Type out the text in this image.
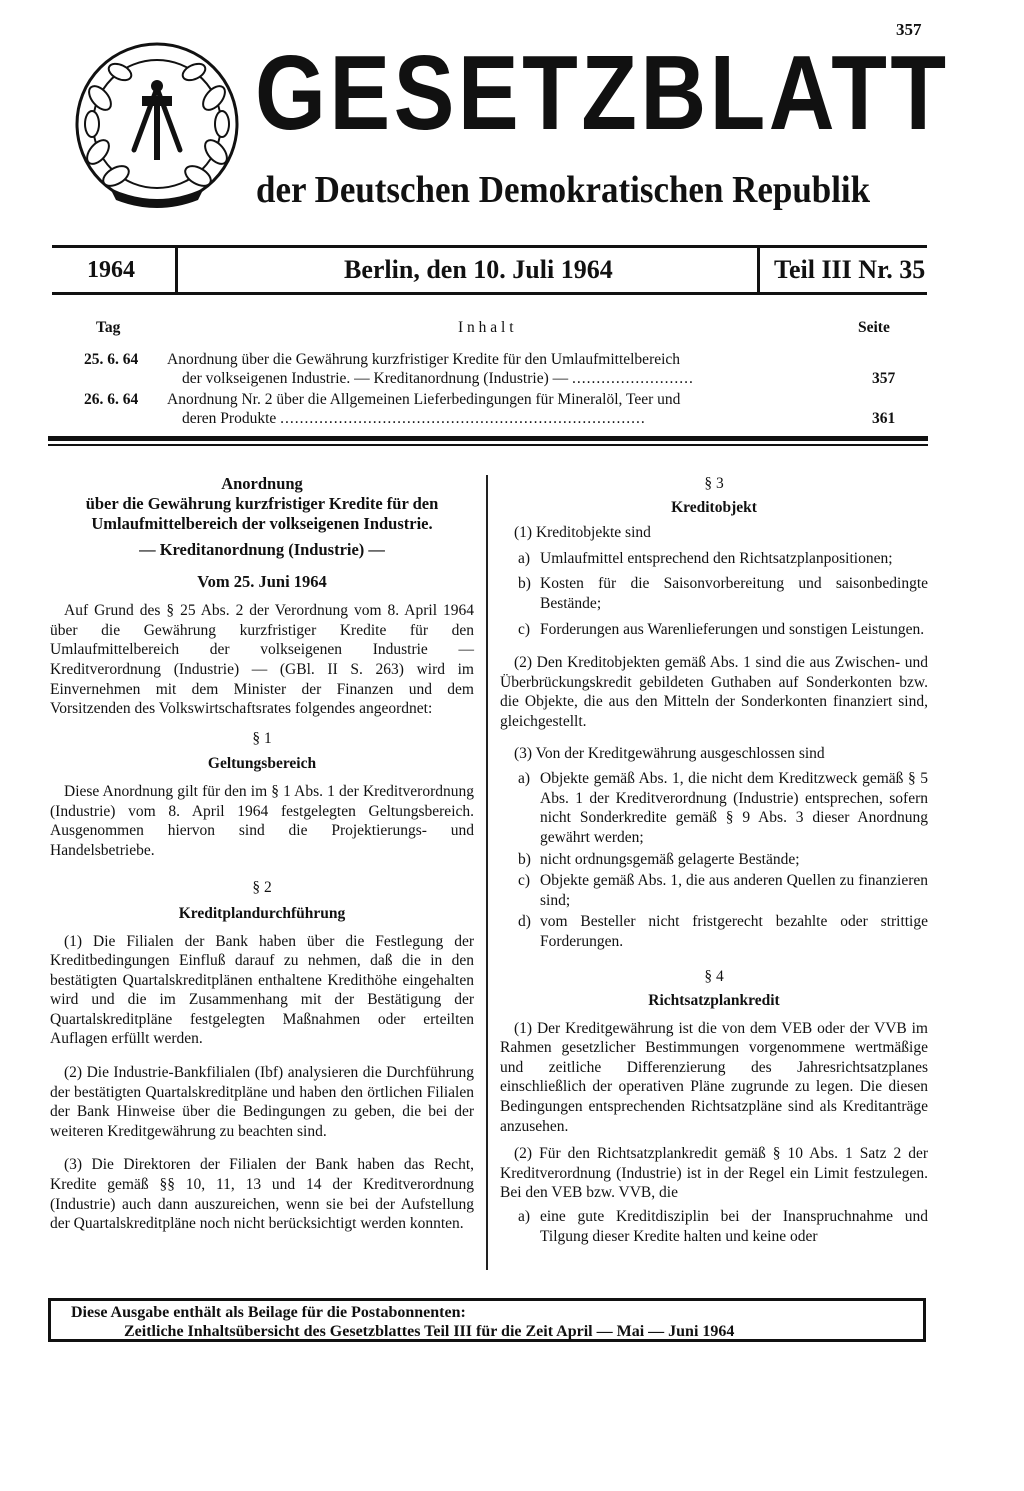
357
GESETZBLATT
der Deutschen Demokratischen Republik
1964	Berlin, den 10. Juli 1964	Teil III Nr. 35
Tag	I n h a l t	Seite
25. 6. 64 Anordnung über die Gewährung kurzfristiger Kredite für den Umlaufmittelbereich
der volkseigenen Industrie. — Kreditanordnung (Industrie) — .........................	357
26. 6. 64 Anordnung Nr. 2 über die Allgemeinen Lieferbedingungen für Mineralöl, Teer und
deren Produkte ...........................................................................	361

Anordnung

über die Gewährung kurzfristiger Kredite für den

Umlaufmittelbereich der volkseigenen Industrie.

— Kreditanordnung (Industrie) —

Vom 25. Juni 1964

Auf Grund des § 25 Abs. 2 der Verordnung vom 8. April 1964 über die Gewährung kurzfristiger Kredite für den Umlaufmittelbereich der volkseigenen Industrie — Kreditverordnung (Industrie) — (GBl. II S. 263) wird im Einvernehmen mit dem Minister der Finanzen und dem Vorsitzenden des Volkswirtschaftsrates folgendes angeordnet:

§ 1

Geltungsbereich

Diese Anordnung gilt für den im § 1 Abs. 1 der Kreditverordnung (Industrie) vom 8. April 1964 festgelegten Geltungsbereich. Ausgenommen hiervon sind die Projektierungs- und Handelsbetriebe.

§ 2

Kreditplandurchführung

(1) Die Filialen der Bank haben über die Festlegung der Kreditbedingungen Einfluß darauf zu nehmen, daß die in den bestätigten Quartalskreditplänen enthaltene Kredithöhe eingehalten wird und die im Zusammenhang mit der Bestätigung der Quartalskreditpläne festgelegten Maßnahmen oder erteilten Auflagen erfüllt werden.

(2) Die Industrie-Bankfilialen (Ibf) analysieren die Durchführung der bestätigten Quartalskreditpläne und haben den örtlichen Filialen der Bank Hinweise über die Bedingungen zu geben, die bei der weiteren Kreditgewährung zu beachten sind.

(3) Die Direktoren der Filialen der Bank haben das Recht, Kredite gemäß §§ 10, 11, 13 und 14 der Kreditverordnung (Industrie) auch dann auszureichen, wenn sie bei der Aufstellung der Quartalskreditpläne noch nicht berücksichtigt werden konnten.

§ 3

Kreditobjekt

(1) Kreditobjekte sind

a) Umlaufmittel entsprechend den Richtsatzplanpositionen;
b) Kosten für die Saisonvorbereitung und saisonbedingte Bestände;
c) Forderungen aus Warenlieferungen und sonstigen Leistungen.

(2) Den Kreditobjekten gemäß Abs. 1 sind die aus Zwischen- und Überbrückungskredit gebildeten Guthaben auf Sonderkonten bzw. die Objekte, die aus den Mitteln der Sonderkonten finanziert sind, gleichgestellt.

(3) Von der Kreditgewährung ausgeschlossen sind

a) Objekte gemäß Abs. 1, die nicht dem Kreditzweck gemäß § 5 Abs. 1 der Kreditverordnung (Industrie) entsprechen, sofern nicht Sonderkredite gemäß § 9 Abs. 3 dieser Anordnung gewährt werden;
b) nicht ordnungsgemäß gelagerte Bestände;
c) Objekte gemäß Abs. 1, die aus anderen Quellen zu finanzieren sind;
d) vom Besteller nicht fristgerecht bezahlte oder strittige Forderungen.

§ 4

Richtsatzplankredit

(1) Der Kreditgewährung ist die von dem VEB oder der VVB im Rahmen gesetzlicher Bestimmungen vorgenommene wertmäßige und zeitliche Differenzierung des Jahresrichtsatzplanes einschließlich der operativen Pläne zugrunde zu legen. Die diesen Bedingungen entsprechenden Richtsatzpläne sind als Kreditanträge anzusehen.

(2) Für den Richtsatzplankredit gemäß § 10 Abs. 1 Satz 2 der Kreditverordnung (Industrie) ist in der Regel ein Limit festzulegen. Bei den VEB bzw. VVB, die

a) eine gute Kreditdisziplin bei der Inanspruchnahme und Tilgung dieser Kredite halten und keine oder
Diese Ausgabe enthält als Beilage für die Postabonnenten:
Zeitliche Inhaltsübersicht des Gesetzblattes Teil III für die Zeit April — Mai — Juni 1964
